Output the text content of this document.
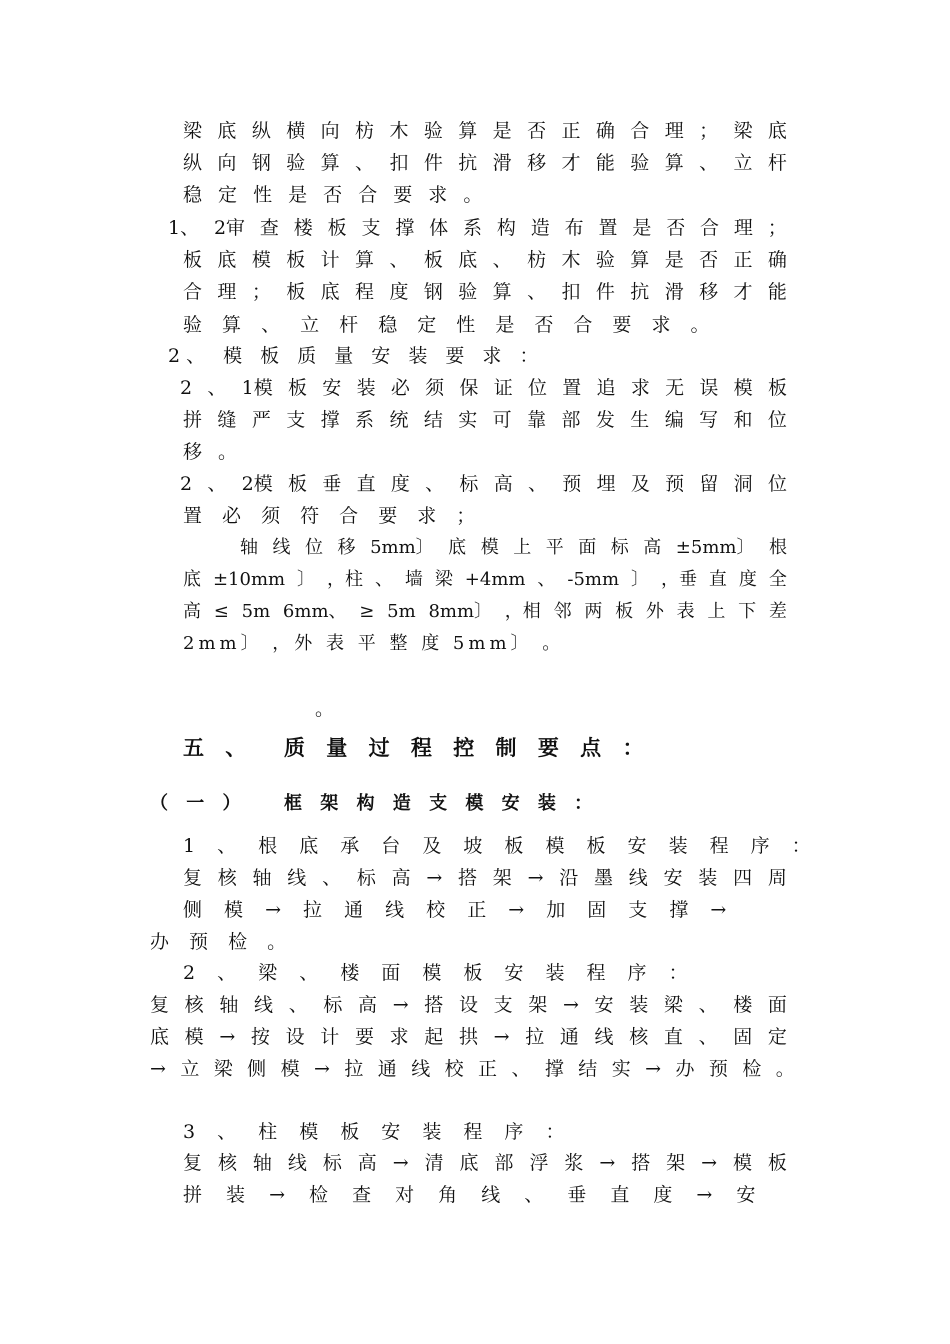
梁 底 纵 横 向 枋 木 验 算 是 否 正 确 合 理 ； 梁 底
纵 向 钢 验 算 、 扣 件 抗 滑 移 才 能 验 算 、 立 杆
稳 定 性 是 否 合 要 求 。
1、 2审 查 楼 板 支 撑 体 系 构 造 布 置 是 否 合 理 ；
板 底 模 板 计 算 、 板 底 、 枋 木 验 算 是 否 正 确
合 理 ； 板 底 程 度 钢 验 算 、 扣 件 抗 滑 移 才 能
验 算 、 立 杆 稳 定 性 是 否 合 要 求 。
2、 模 板 质 量 安 装 要 求 ：
2 、 1模 板 安 装 必 须 保 证 位 置 追 求 无 误 模 板
拼 缝 严 支 撑 系 统 结 实 可 靠 部 发 生 编 写 和 位
移 。
2 、 2模 板 垂 直 度 、 标 高 、 预 埋 及 预 留 洞 位
置 必 须 符 合 要 求 ；
轴 线 位 移 5mm〕 底 模 上 平 面 标 高 ±5mm〕 根
底 ±10mm 〕 ，柱 、 墙 梁 +4mm 、 -5mm 〕 ，垂 直 度 全
高 ≤ 5m 6mm、 ≥ 5m 8mm〕 ，相 邻 两 板 外 表 上 下 差
2mm〕 ，外 表 平 整 度 5mm〕 。
。
五 、 质 量 过 程 控 制 要 点 ：
（ 一 ） 框 架 构 造 支 模 安 装 ：
1 、 根 底 承 台 及 坡 板 模 板 安 装 程 序 ：
复 核 轴 线 、 标 高 → 搭 架 → 沿 墨 线 安 装 四 周
侧 模 → 拉 通 线 校 正 → 加 固 支 撑 →
办 预 检 。
2 、 梁 、 楼 面 模 板 安 装 程 序 ：
复 核 轴 线 、 标 高 → 搭 设 支 架 → 安 装 梁 、 楼 面
底 模 → 按 设 计 要 求 起 拱 → 拉 通 线 核 直 、 固 定
→ 立 梁 侧 模 → 拉 通 线 校 正 、 撑 结 实 → 办 预 检 。
3 、 柱 模 板 安 装 程 序 ：
复 核 轴 线 标 高 → 清 底 部 浮 浆 → 搭 架 → 模 板
拼 装 → 检 查 对 角 线 、 垂 直 度 → 安
